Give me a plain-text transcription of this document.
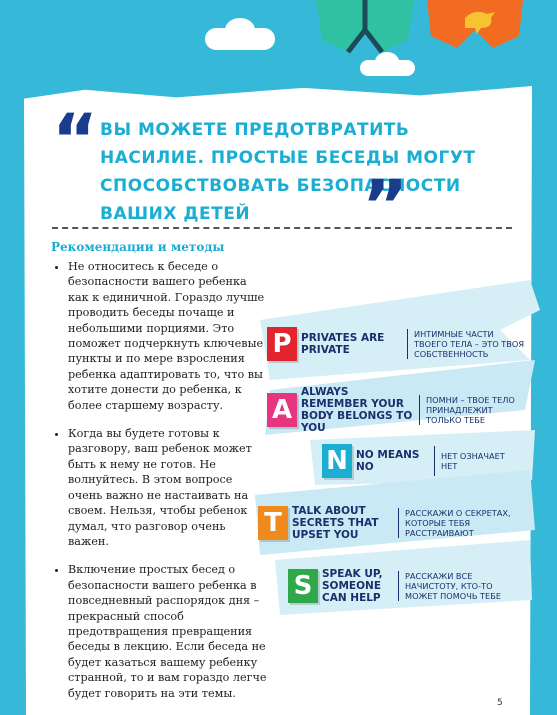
“ ВЫ МОЖЕТЕ ПРЕДОТВРАТИТЬ НАСИЛИЕ. ПРОСТЫЕ БЕСЕДЫ МОГУТ СПОСОБСТВОВАТЬ БЕЗОПАСНОСТИ ВАШИХ ДЕТЕЙ	”
Рекомендации и методы
• Не относитесь к беседе о безопасности вашего ребенка как к единичной. Гораздо лучше проводить беседы почаще и небольшими порциями. Это поможет подчеркнуть ключевые пункты и по мере взросления ребенка адаптировать то, что вы хотите донести до ребенка, к более старшему возрасту.
• Когда вы будете готовы к разговору, ваш ребенок может быть к нему не готов. Не волнуйтесь. В этом вопросе очень важно не настаивать на своем. Нельзя, чтобы ребенок думал, что разговор очень важен.
• Включение простых бесед о безопасности вашего ребенка в повседневный распорядок дня – прекрасный способ предотвращения превращения беседы в лекцию. Если беседа не будет казаться вашему ребенку странной, то и вам гораздо легче будет говорить на эти темы.
P PRIVATES ARE PRIVATE
ИНТИМНЫЕ ЧАСТИ ТВОЕГО ТЕЛА – ЭТО ТВОЯ СОБСТВЕННОСТЬ
A
ALWAYS REMEMBER YOUR BODY BELONGS TO YOU
ПОМНИ – ТВОЕ ТЕЛО ПРИНАДЛЕЖИТ ТОЛЬКО ТЕБЕ
N NO MEANS NO
НЕТ ОЗНАЧАЕТ НЕТ
T TALK ABOUT SECRETS THAT UPSET YOU
РАССКАЖИ О СЕКРЕТАХ, КОТОРЫЕ ТЕБЯ РАССТРАИВАЮТ
S SPEAK UP, SOMEONE CAN HELP
РАССКАЖИ ВСЕ НАЧИСТОТУ, КТО-ТО МОЖЕТ ПОМОЧЬ ТЕБЕ
5
